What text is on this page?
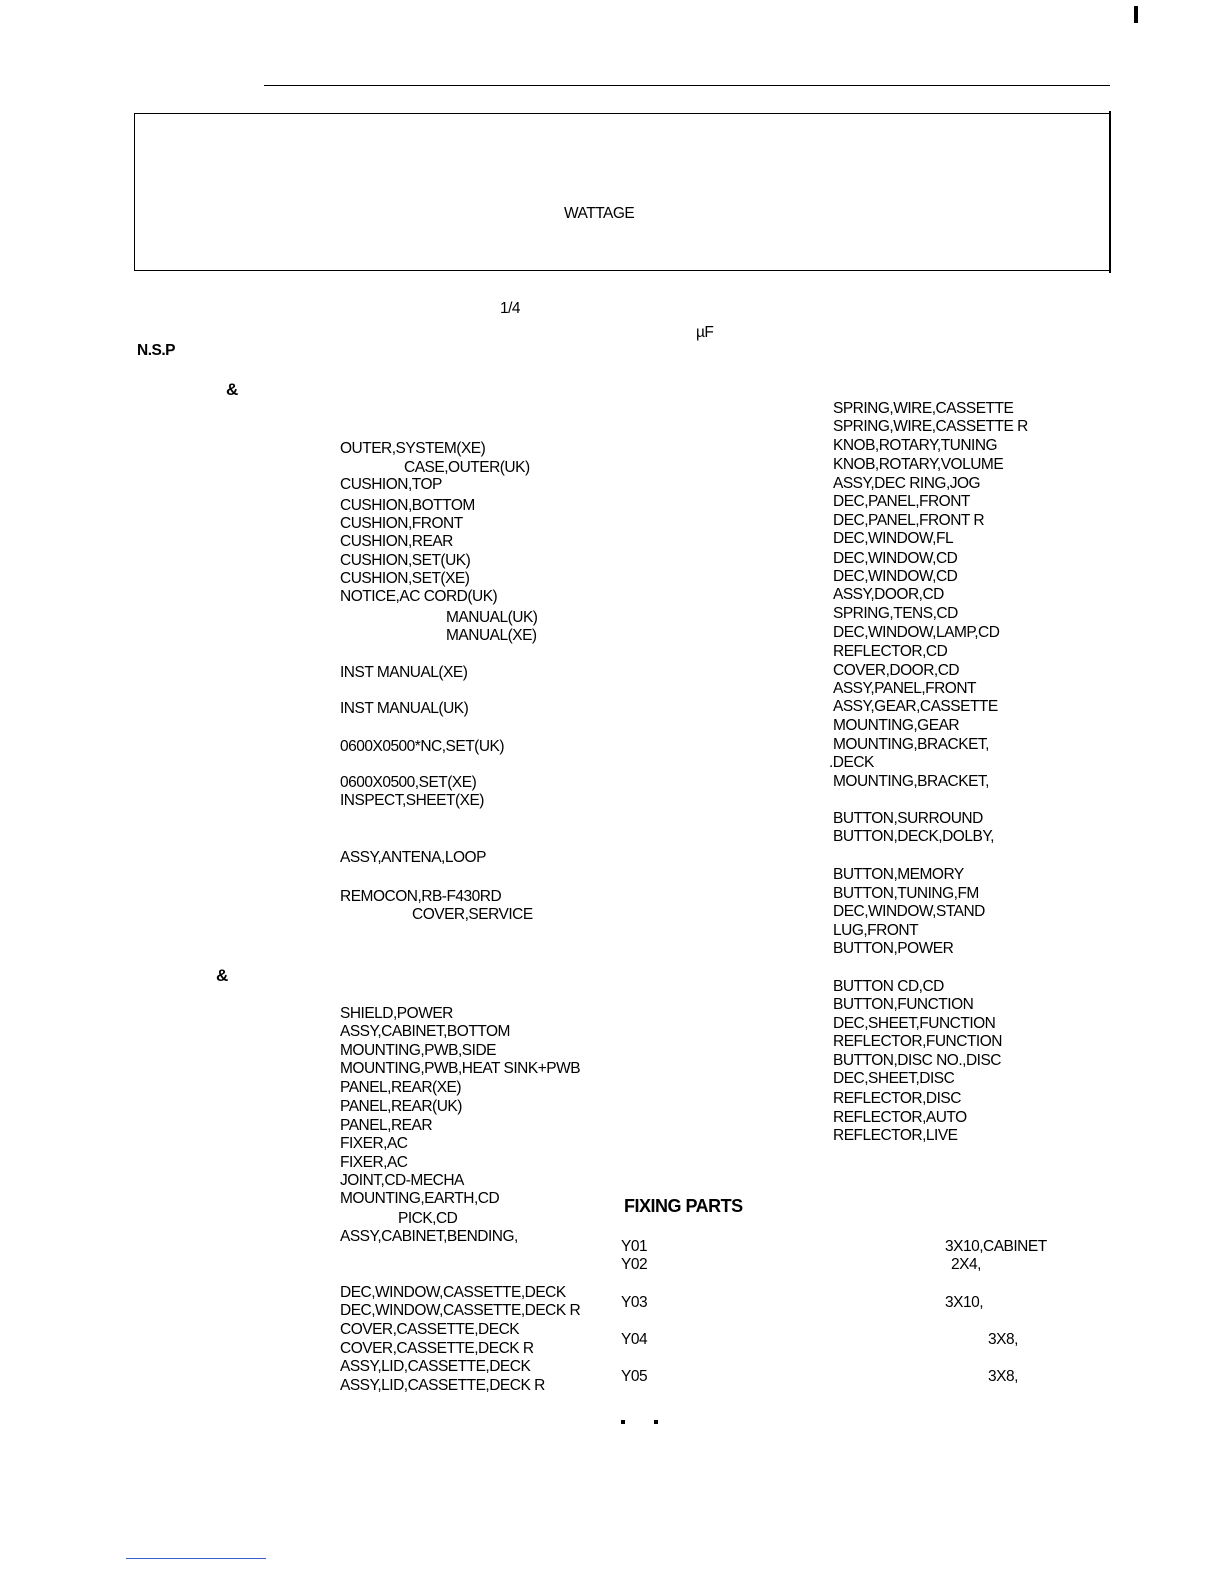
WATTAGE
1/4
µF
N.S.P
&
&
OUTER,SYSTEM(XE)
CASE,OUTER(UK)
CUSHION,TOP
CUSHION,BOTTOM
CUSHION,FRONT
CUSHION,REAR
CUSHION,SET(UK)
CUSHION,SET(XE)
NOTICE,AC CORD(UK)
MANUAL(UK)
MANUAL(XE)
INST MANUAL(XE)
INST MANUAL(UK)
0600X0500*NC,SET(UK)
0600X0500,SET(XE)
INSPECT,SHEET(XE)
ASSY,ANTENA,LOOP
REMOCON,RB-F430RD
COVER,SERVICE
SHIELD,POWER
ASSY,CABINET,BOTTOM
MOUNTING,PWB,SIDE
MOUNTING,PWB,HEAT SINK+PWB
PANEL,REAR(XE)
PANEL,REAR(UK)
PANEL,REAR
FIXER,AC
FIXER,AC
JOINT,CD-MECHA
MOUNTING,EARTH,CD
PICK,CD
ASSY,CABINET,BENDING,
DEC,WINDOW,CASSETTE,DECK
DEC,WINDOW,CASSETTE,DECK R
COVER,CASSETTE,DECK
COVER,CASSETTE,DECK R
ASSY,LID,CASSETTE,DECK
ASSY,LID,CASSETTE,DECK R
SPRING,WIRE,CASSETTE
SPRING,WIRE,CASSETTE R
KNOB,ROTARY,TUNING
KNOB,ROTARY,VOLUME
ASSY,DEC RING,JOG
DEC,PANEL,FRONT
DEC,PANEL,FRONT R
DEC,WINDOW,FL
DEC,WINDOW,CD
DEC,WINDOW,CD
ASSY,DOOR,CD
SPRING,TENS,CD
DEC,WINDOW,LAMP,CD
REFLECTOR,CD
COVER,DOOR,CD
ASSY,PANEL,FRONT
ASSY,GEAR,CASSETTE
MOUNTING,GEAR
MOUNTING,BRACKET,
.DECK
MOUNTING,BRACKET,
BUTTON,SURROUND
BUTTON,DECK,DOLBY,
BUTTON,MEMORY
BUTTON,TUNING,FM
DEC,WINDOW,STAND
LUG,FRONT
BUTTON,POWER
BUTTON CD,CD
BUTTON,FUNCTION
DEC,SHEET,FUNCTION
REFLECTOR,FUNCTION
BUTTON,DISC NO.,DISC
DEC,SHEET,DISC
REFLECTOR,DISC
REFLECTOR,AUTO
REFLECTOR,LIVE
FIXING PARTS
Y01	3X10,CABINET
Y02	2X4,
Y03	3X10,
Y04	3X8,
Y05	3X8,
